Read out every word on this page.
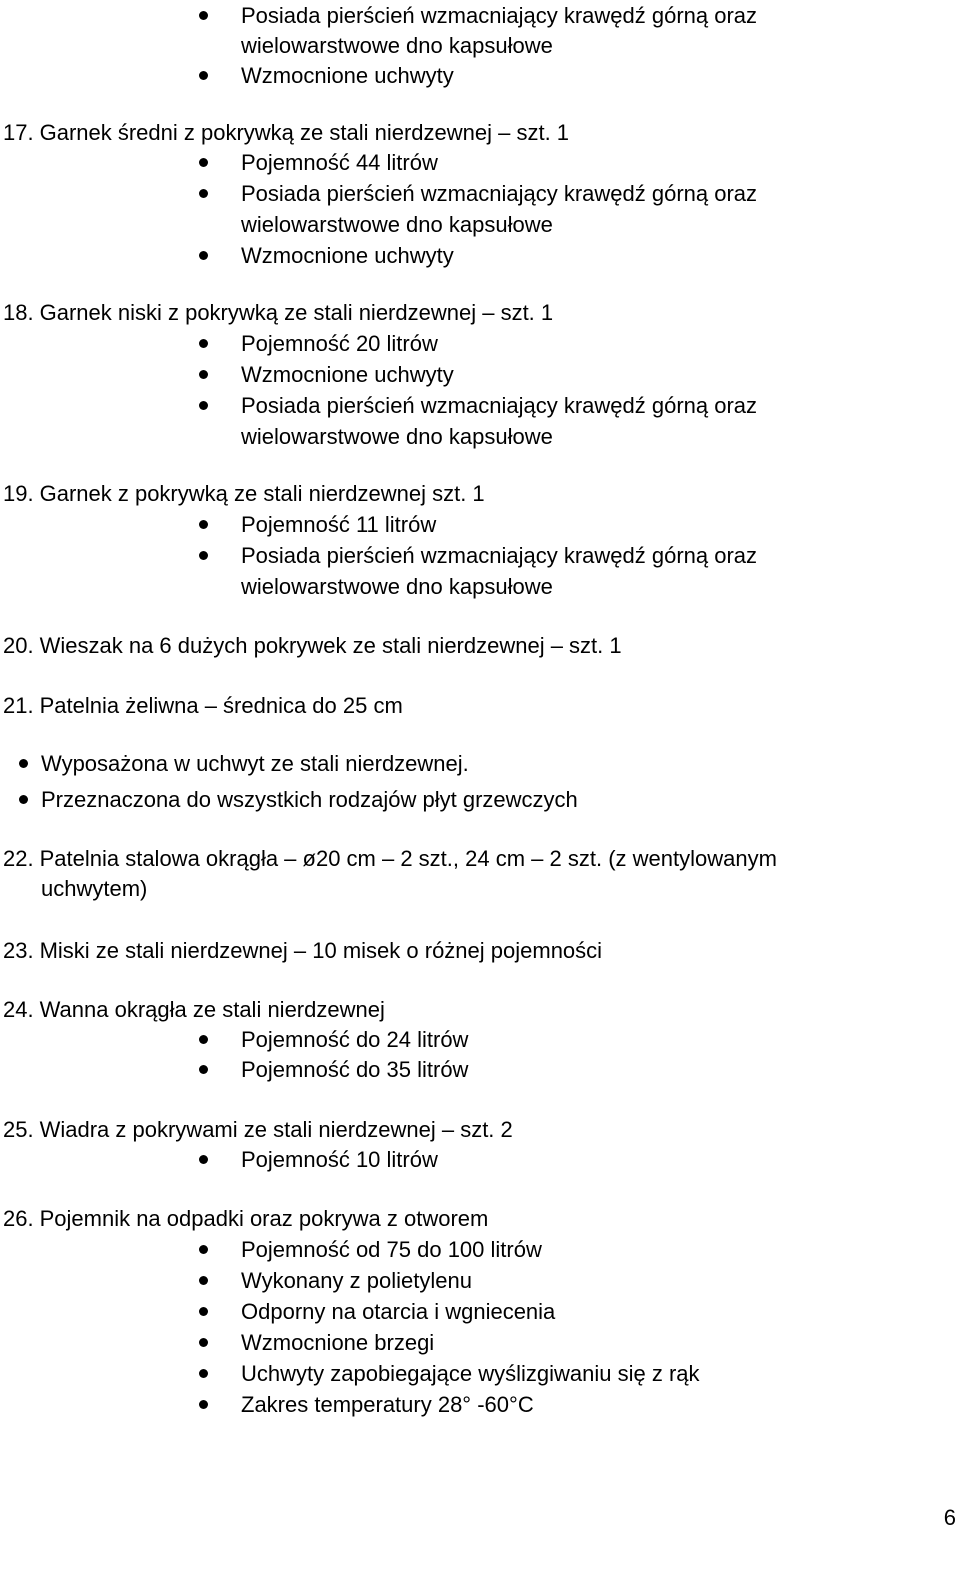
Posiada pierścień wzmacniający krawędź górną oraz
wielowarstwowe dno kapsułowe
Wzmocnione uchwyty
17. Garnek średni z pokrywką ze stali nierdzewnej – szt. 1
Pojemność 44 litrów
Posiada pierścień wzmacniający krawędź górną oraz
wielowarstwowe dno kapsułowe
Wzmocnione uchwyty
18. Garnek niski z pokrywką ze stali nierdzewnej – szt. 1
Pojemność 20 litrów
Wzmocnione uchwyty
Posiada pierścień wzmacniający krawędź górną oraz
wielowarstwowe dno kapsułowe
19. Garnek z pokrywką ze stali nierdzewnej szt. 1
Pojemność 11 litrów
Posiada pierścień wzmacniający krawędź górną oraz
wielowarstwowe dno kapsułowe
20. Wieszak na 6 dużych pokrywek ze stali nierdzewnej – szt. 1
21. Patelnia żeliwna – średnica do 25 cm
Wyposażona w uchwyt ze stali nierdzewnej.
Przeznaczona do wszystkich rodzajów płyt grzewczych
22. Patelnia stalowa okrągła – ø20 cm – 2 szt., 24 cm – 2 szt. (z wentylowanym
uchwytem)
23. Miski ze stali nierdzewnej – 10 misek o różnej pojemności
24. Wanna okrągła ze stali nierdzewnej
Pojemność do 24 litrów
Pojemność do 35 litrów
25. Wiadra z pokrywami ze stali nierdzewnej – szt. 2
Pojemność 10 litrów
26. Pojemnik na odpadki oraz pokrywa z otworem
Pojemność od 75 do 100 litrów
Wykonany z polietylenu
Odporny na otarcia i wgniecenia
Wzmocnione brzegi
Uchwyty zapobiegające wyślizgiwaniu się z rąk
Zakres temperatury 28° -60°C
6
